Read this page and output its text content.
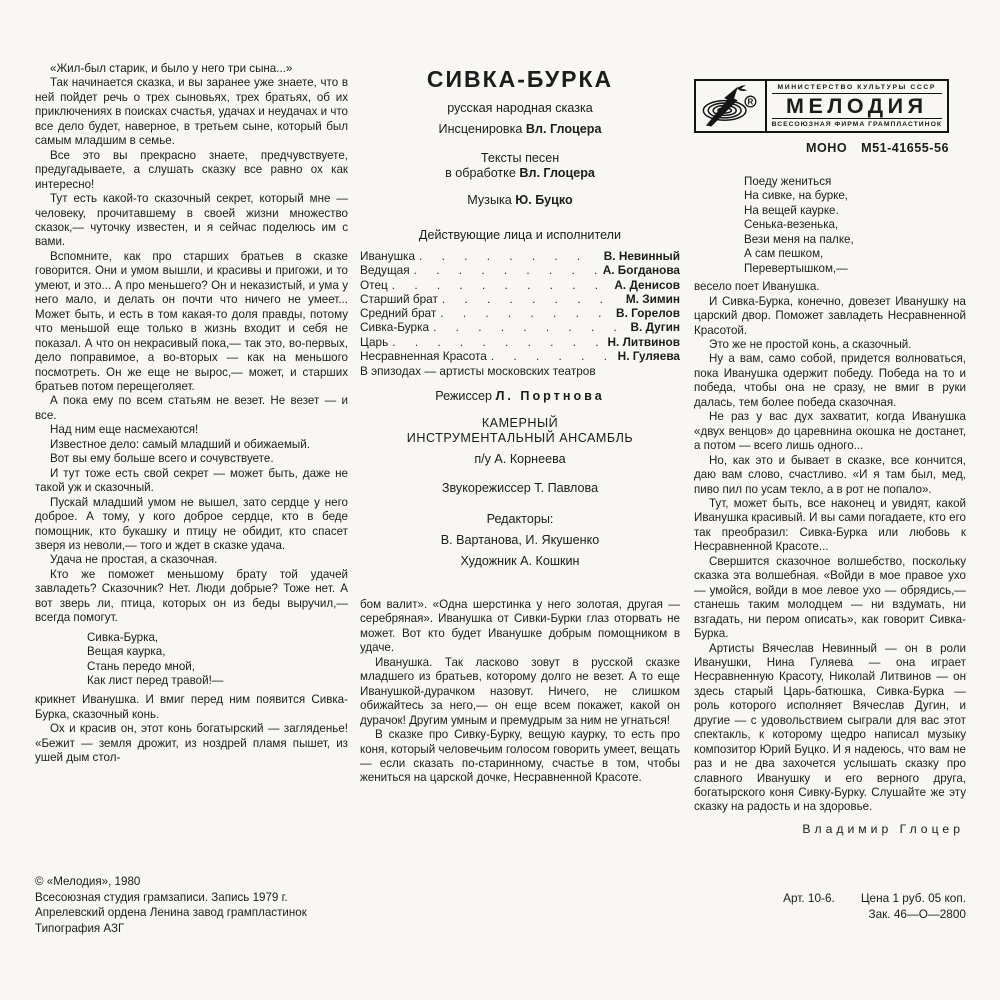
«Жил-был старик, и было у него три сына...»

Так начинается сказка, и вы заранее уже знаете, что в ней пойдет речь о трех сыновьях, трех братьях, об их приключениях в поисках счастья, удачах и неудачах и что все дело будет, наверное, в третьем сыне, который был самым младшим в семье.

Все это вы прекрасно знаете, предчувствуете, предугадываете, а слушать сказку все равно ох как интересно!

Тут есть какой-то сказочный секрет, который мне — человеку, прочитавшему в своей жизни множество сказок,— чуточку известен, и я сейчас поделюсь им с вами.

Вспомните, как про старших братьев в сказке говорится. Они и умом вышли, и красивы и пригожи, и то умеют, и это... А про меньшего? Он и неказистый, и ума у него мало, и делать он почти что ничего не умеет... Может быть, и есть в том какая-то доля правды, потому что меньшой еще только в жизнь входит и себя не показал. А что он некрасивый пока,— так это, во-первых, дело поправимое, а во-вторых — как на меньшого посмотреть. Он же еще не вырос,— может, и старших братьев потом перещеголяет.

А пока ему по всем статьям не везет. Не везет — и все.

Над ним еще насмехаются!

Известное дело: самый младший и обижаемый.

Вот вы ему больше всего и сочувствуете.

И тут тоже есть свой секрет — может быть, даже не такой уж и сказочный.

Пускай младший умом не вышел, зато сердце у него доброе. А тому, у кого доброе сердце, кто в беде помощник, кто букашку и птицу не обидит, кто спасет зверя из неволи,— того и ждет в сказке удача.

Удача не простая, а сказочная.

Кто же поможет меньшому брату той удачей завладеть? Сказочник? Нет. Люди добрые? Тоже нет. А вот зверь ли, птица, которых он из беды выручил,— всегда помогут.

Сивка-Бурка,
Вещая каурка,
Стань передо мной,
Как лист перед травой!—

крикнет Иванушка. И вмиг перед ним появится Сивка-Бурка, сказочный конь.

Ох и красив он, этот конь богатырский — загляденье! «Бежит — земля дрожит, из ноздрей пламя пышет, из ушей дым стол-

© «Мелодия», 1980
Всесоюзная студия грамзаписи. Запись 1979 г.
Апрелевский ордена Ленина завод грампластинок
Типография АЗГ
СИВКА-БУРКА
русская народная сказка
Инсценировка Вл. Глоцера
Тексты песен
в обработке Вл. Глоцера
Музыка Ю. Буцко
Действующие лица и исполнители
Иванушка . . .	В. Невинный
Ведущая . . .	А. Богданова
Отец . . .	А. Денисов
Старший брат . . .	М. Зимин
Средний брат . . .	В. Горелов
Сивка-Бурка . . .	В. Дугин
Царь . . .	Н. Литвинов
Несравненная Красота . . .	Н. Гуляева
В эпизодах — артисты московских театров
Режиссер Л. Портнова
КАМЕРНЫЙ
ИНСТРУМЕНТАЛЬНЫЙ АНСАМБЛЬ
п/у А. Корнеева
Звукорежиссер Т. Павлова
Редакторы:
В. Вартанова, И. Якушенко
Художник А. Кошкин

бом валит». «Одна шерстинка у него золотая, другая — серебряная». Иванушка от Сивки-Бурки глаз оторвать не может. Вот кто будет Иванушке добрым помощником в удаче.

Иванушка. Так ласково зовут в русской сказке младшего из братьев, которому долго не везет. А то еще Иванушкой-дурачком назовут. Ничего, не слишком обижайтесь за него,— он еще всем покажет, какой он дурачок! Другим умным и премудрым за ним не угнаться!

В сказке про Сивку-Бурку, вещую каурку, то есть про коня, который человечьим голосом говорить умеет, вещать — если сказать по-старинному, счастье в том, чтобы жениться на царской дочке, Несравненной Красоте.

R
МИНИСТЕРСТВО КУЛЬТУРЫ СССР
МЕЛОДИЯ
ВСЕСОЮЗНАЯ ФИРМА ГРАМПЛАСТИНОК
МОНО М51-41655-56
Поеду жениться
На сивке, на бурке,
На вещей каурке.
Сенька-везенька,
Вези меня на палке,
А сам пешком,
Перевертышком,—

весело поет Иванушка.

И Сивка-Бурка, конечно, довезет Иванушку на царский двор. Поможет завладеть Несравненной Красотой.

Это же не простой конь, а сказочный.

Ну а вам, само собой, придется волноваться, пока Иванушка одержит победу. Победа на то и победа, чтобы она не сразу, не вмиг в руки далась, тем более победа сказочная.

Не раз у вас дух захватит, когда Иванушка «двух венцов» до царевнина окошка не достанет, а потом — всего лишь одного...

Но, как это и бывает в сказке, все кончится, даю вам слово, счастливо. «И я там был, мед, пиво пил по усам текло, а в рот не попало».

Тут, может быть, все наконец и увидят, какой Иванушка красивый. И вы сами погадаете, кто его так преобразил: Сивка-Бурка или любовь к Несравненной Красоте...

Свершится сказочное волшебство, поскольку сказка эта волшебная. «Войди в мое правое ухо — умойся, войди в мое левое ухо — обрядись,— станешь таким молодцем — ни вздумать, ни взгадать, ни пером описать», как говорит Сивка-Бурка.

Артисты Вячеслав Невинный — он в роли Иванушки, Нина Гуляева — она играет Несравненную Красоту, Николай Литвинов — он здесь старый Царь-батюшка, Сивка-Бурка — роль которого исполняет Вячеслав Дугин, и другие — с удовольствием сыграли для вас этот спектакль, к которому щедро написал музыку композитор Юрий Буцко. И я надеюсь, что вам не раз и не два захочется услышать сказку про славного Иванушку и его верного друга, богатырского коня Сивку-Бурку. Слушайте же эту сказку на радость и на здоровье.

Владимир Глоцер
Арт. 10-6. Цена 1 руб. 05 коп.
Зак. 46—О—2800
